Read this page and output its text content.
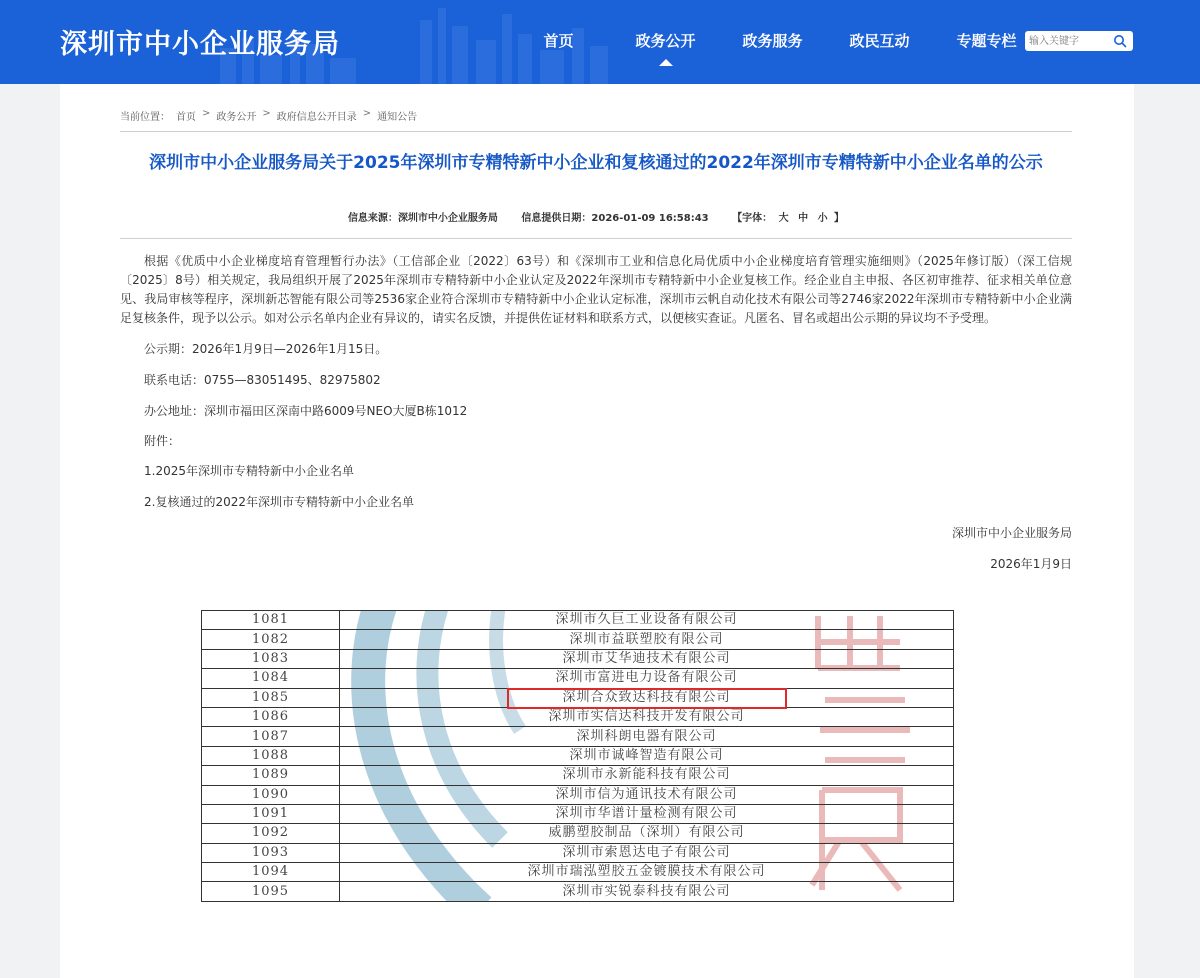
深圳市中小企业服务局	首页	政务公开	政务服务	政民互动	专题专栏
输入关键字
当前位置： 首页 > 政务公开 > 政府信息公开目录 > 通知公告
深圳市中小企业服务局关于2025年深圳市专精特新中小企业和复核通过的2022年深圳市专精特新中小企业名单的公示
信息来源：深圳市中小企业服务局 信息提供日期：2026-01-09 16:58:43 【字体： 大 中 小 】
根据《优质中小企业梯度培育管理暂行办法》（工信部企业〔2022〕63号）和《深圳市工业和信息化局优质中小企业梯度培育管理实施细则》（2025年修订版）（深工信规〔2025〕8号）相关规定，我局组织开展了2025年深圳市专精特新中小企业认定及2022年深圳市专精特新中小企业复核工作。经企业自主申报、各区初审推荐、征求相关单位意见、我局审核等程序，深圳新芯智能有限公司等2536家企业符合深圳市专精特新中小企业认定标准，深圳市云帆自动化技术有限公司等2746家2022年深圳市专精特新中小企业满足复核条件，现予以公示。如对公示名单内企业有异议的，请实名反馈，并提供佐证材料和联系方式，以便核实查证。凡匿名、冒名或超出公示期的异议均不予受理。
公示期：2026年1月9日—2026年1月15日。
联系电话：0755—83051495、82975802
办公地址：深圳市福田区深南中路6009号NEO大厦B栋1012
附件：
1.2025年深圳市专精特新中小企业名单
2.复核通过的2022年深圳市专精特新中小企业名单
深圳市中小企业服务局
2026年1月9日
1081	深圳市久巨工业设备有限公司
1082	深圳市益联塑胶有限公司
1083	深圳市艾华迪技术有限公司
1084	深圳市富进电力设备有限公司
1085	深圳合众致达科技有限公司
1086	深圳市实信达科技开发有限公司
1087	深圳科朗电器有限公司
1088	深圳市诚峰智造有限公司
1089	深圳市永新能科技有限公司
1090	深圳市信为通讯技术有限公司
1091	深圳市华谱计量检测有限公司
1092	威鹏塑胶制品（深圳）有限公司
1093	深圳市索恩达电子有限公司
1094	深圳市瑞泓塑胶五金镀膜技术有限公司
1095	深圳市实锐泰科技有限公司
